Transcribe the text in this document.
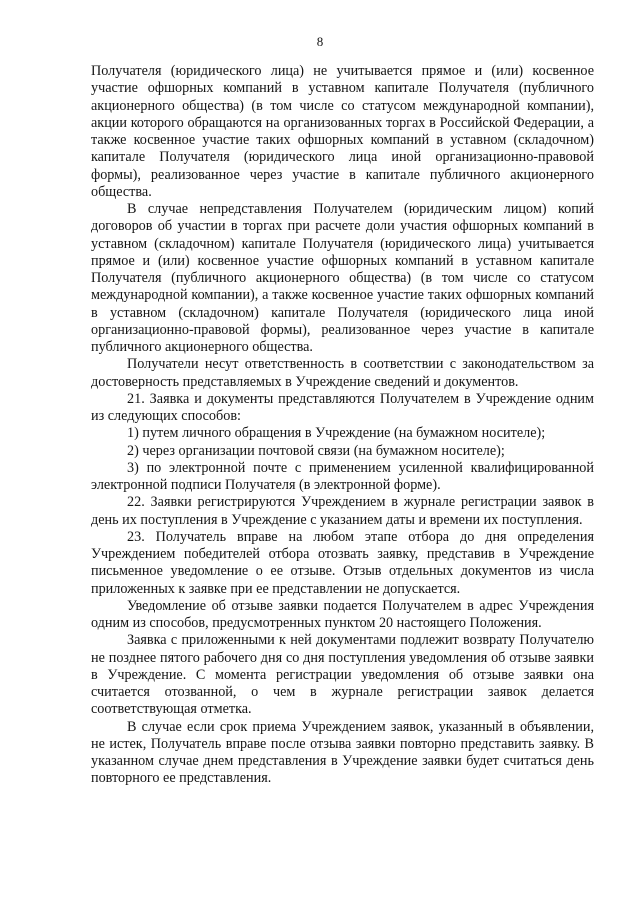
8

Получателя (юридического лица) не учитывается прямое и (или) косвенное участие офшорных компаний в уставном капитале Получателя (публичного акционерного общества) (в том числе со статусом международной компании), акции которого обращаются на организованных торгах в Российской Федерации, а также косвенное участие таких офшорных компаний в уставном (складочном) капитале Получателя (юридического лица иной организационно-правовой формы), реализованное через участие в капитале публичного акционерного общества.

В случае непредставления Получателем (юридическим лицом) копий договоров об участии в торгах при расчете доли участия офшорных компаний в уставном (складочном) капитале Получателя (юридического лица) учитывается прямое и (или) косвенное участие офшорных компаний в уставном капитале Получателя (публичного акционерного общества) (в том числе со статусом международной компании), а также косвенное участие таких офшорных компаний в уставном (складочном) капитале Получателя (юридического лица иной организационно-правовой формы), реализованное через участие в капитале публичного акционерного общества.

Получатели несут ответственность в соответствии с законодательством за достоверность представляемых в Учреждение сведений и документов.

21. Заявка и документы представляются Получателем в Учреждение одним из следующих способов:

1) путем личного обращения в Учреждение (на бумажном носителе);

2) через организации почтовой связи (на бумажном носителе);

3) по электронной почте с применением усиленной квалифицированной электронной подписи Получателя (в электронной форме).

22. Заявки регистрируются Учреждением в журнале регистрации заявок в день их поступления в Учреждение с указанием даты и времени их поступления.

23. Получатель вправе на любом этапе отбора до дня определения Учреждением победителей отбора отозвать заявку, представив в Учреждение письменное уведомление о ее отзыве. Отзыв отдельных документов из числа приложенных к заявке при ее представлении не допускается.

Уведомление об отзыве заявки подается Получателем в адрес Учреждения одним из способов, предусмотренных пунктом 20 настоящего Положения.

Заявка с приложенными к ней документами подлежит возврату Получателю не позднее пятого рабочего дня со дня поступления уведомления об отзыве заявки в Учреждение. С момента регистрации уведомления об отзыве заявки она считается отозванной, о чем в журнале регистрации заявок делается соответствующая отметка.

В случае если срок приема Учреждением заявок, указанный в объявлении, не истек, Получатель вправе после отзыва заявки повторно представить заявку. В указанном случае днем представления в Учреждение заявки будет считаться день повторного ее представления.
